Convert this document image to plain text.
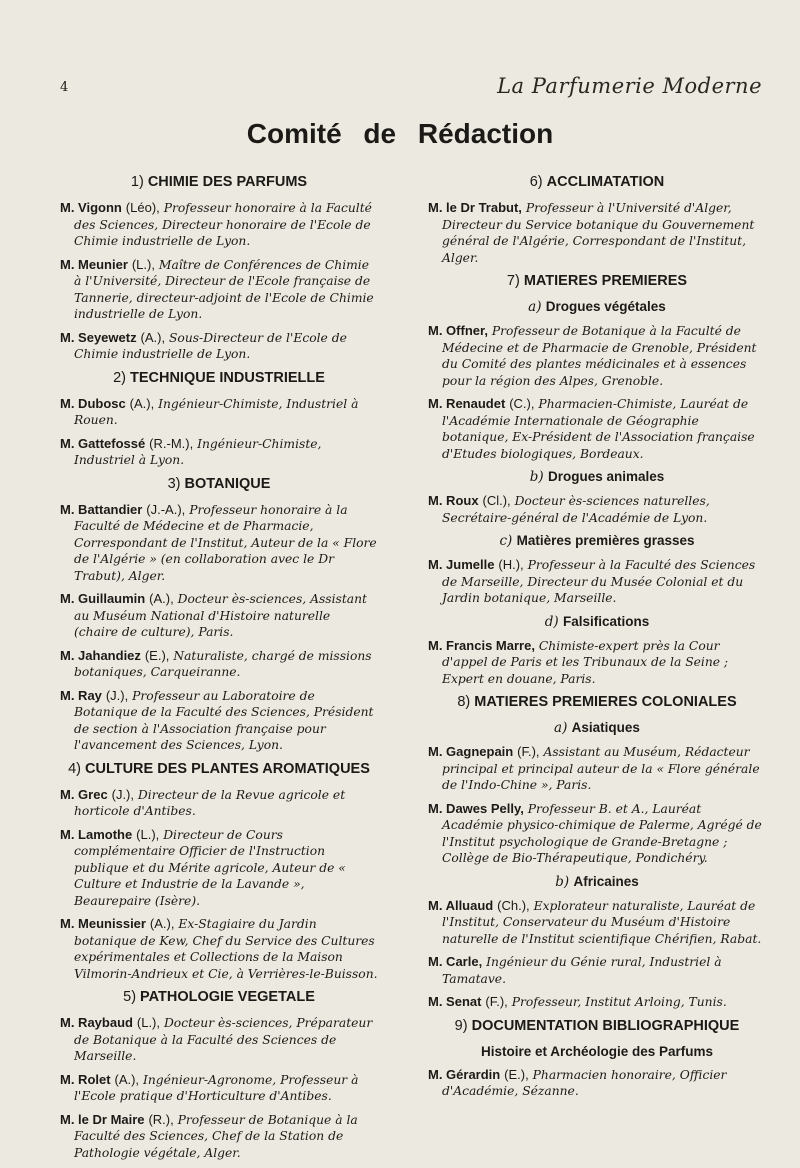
4	La Parfumerie Moderne
Comité de Rédaction
1) CHIMIE DES PARFUMS

M. Vigonn (Léo), Professeur honoraire à la Faculté des Sciences, Directeur honoraire de l'Ecole de Chimie industrielle de Lyon.

M. Meunier (L.), Maître de Conférences de Chimie à l'Université, Directeur de l'Ecole française de Tannerie, directeur-adjoint de l'Ecole de Chimie industrielle de Lyon.

M. Seyewetz (A.), Sous-Directeur de l'Ecole de Chimie industrielle de Lyon.

2) TECHNIQUE INDUSTRIELLE

M. Dubosc (A.), Ingénieur-Chimiste, Industriel à Rouen.

M. Gattefossé (R.-M.), Ingénieur-Chimiste, Industriel à Lyon.

3) BOTANIQUE

M. Battandier (J.-A.), Professeur honoraire à la Faculté de Médecine et de Pharmacie, Correspondant de l'Institut, Auteur de la « Flore de l'Algérie » (en collaboration avec le Dr Trabut), Alger.

M. Guillaumin (A.), Docteur ès-sciences, Assistant au Muséum National d'Histoire naturelle (chaire de culture), Paris.

M. Jahandiez (E.), Naturaliste, chargé de missions botaniques, Carqueiranne.

M. Ray (J.), Professeur au Laboratoire de Botanique de la Faculté des Sciences, Président de section à l'Association française pour l'avancement des Sciences, Lyon.

4) CULTURE DES PLANTES AROMATIQUES

M. Grec (J.), Directeur de la Revue agricole et horticole d'Antibes.

M. Lamothe (L.), Directeur de Cours complémentaire Officier de l'Instruction publique et du Mérite agricole, Auteur de « Culture et Industrie de la Lavande », Beaurepaire (Isère).

M. Meunissier (A.), Ex-Stagiaire du Jardin botanique de Kew, Chef du Service des Cultures expérimentales et Collections de la Maison Vilmorin-Andrieux et Cie, à Verrières-le-Buisson.

5) PATHOLOGIE VEGETALE

M. Raybaud (L.), Docteur ès-sciences, Préparateur de Botanique à la Faculté des Sciences de Marseille.

M. Rolet (A.), Ingénieur-Agronome, Professeur à l'Ecole pratique d'Horticulture d'Antibes.

M. le Dr Maire (R.), Professeur de Botanique à la Faculté des Sciences, Chef de la Station de Pathologie végétale, Alger.

6) ACCLIMATATION

M. le Dr Trabut, Professeur à l'Université d'Alger, Directeur du Service botanique du Gouvernement général de l'Algérie, Correspondant de l'Institut, Alger.

7) MATIERES PREMIERES
a) Drogues végétales

M. Offner, Professeur de Botanique à la Faculté de Médecine et de Pharmacie de Grenoble, Président du Comité des plantes médicinales et à essences pour la région des Alpes, Grenoble.

M. Renaudet (C.), Pharmacien-Chimiste, Lauréat de l'Académie Internationale de Géographie botanique, Ex-Président de l'Association française d'Etudes biologiques, Bordeaux.

b) Drogues animales

M. Roux (Cl.), Docteur ès-sciences naturelles, Secrétaire-général de l'Académie de Lyon.

c) Matières premières grasses

M. Jumelle (H.), Professeur à la Faculté des Sciences de Marseille, Directeur du Musée Colonial et du Jardin botanique, Marseille.

d) Falsifications

M. Francis Marre, Chimiste-expert près la Cour d'appel de Paris et les Tribunaux de la Seine ; Expert en douane, Paris.

8) MATIERES PREMIERES COLONIALES
a) Asiatiques

M. Gagnepain (F.), Assistant au Muséum, Rédacteur principal et principal auteur de la « Flore générale de l'Indo-Chine », Paris.

M. Dawes Pelly, Professeur B. et A., Lauréat Académie physico-chimique de Palerme, Agrégé de l'Institut psychologique de Grande-Bretagne ; Collège de Bio-Thérapeutique, Pondichéry.

b) Africaines

M. Alluaud (Ch.), Explorateur naturaliste, Lauréat de l'Institut, Conservateur du Muséum d'Histoire naturelle de l'Institut scientifique Chérifien, Rabat.

M. Carle, Ingénieur du Génie rural, Industriel à Tamatave.

M. Senat (F.), Professeur, Institut Arloing, Tunis.

9) DOCUMENTATION BIBLIOGRAPHIQUE
Histoire et Archéologie des Parfums

M. Gérardin (E.), Pharmacien honoraire, Officier d'Académie, Sézanne.
